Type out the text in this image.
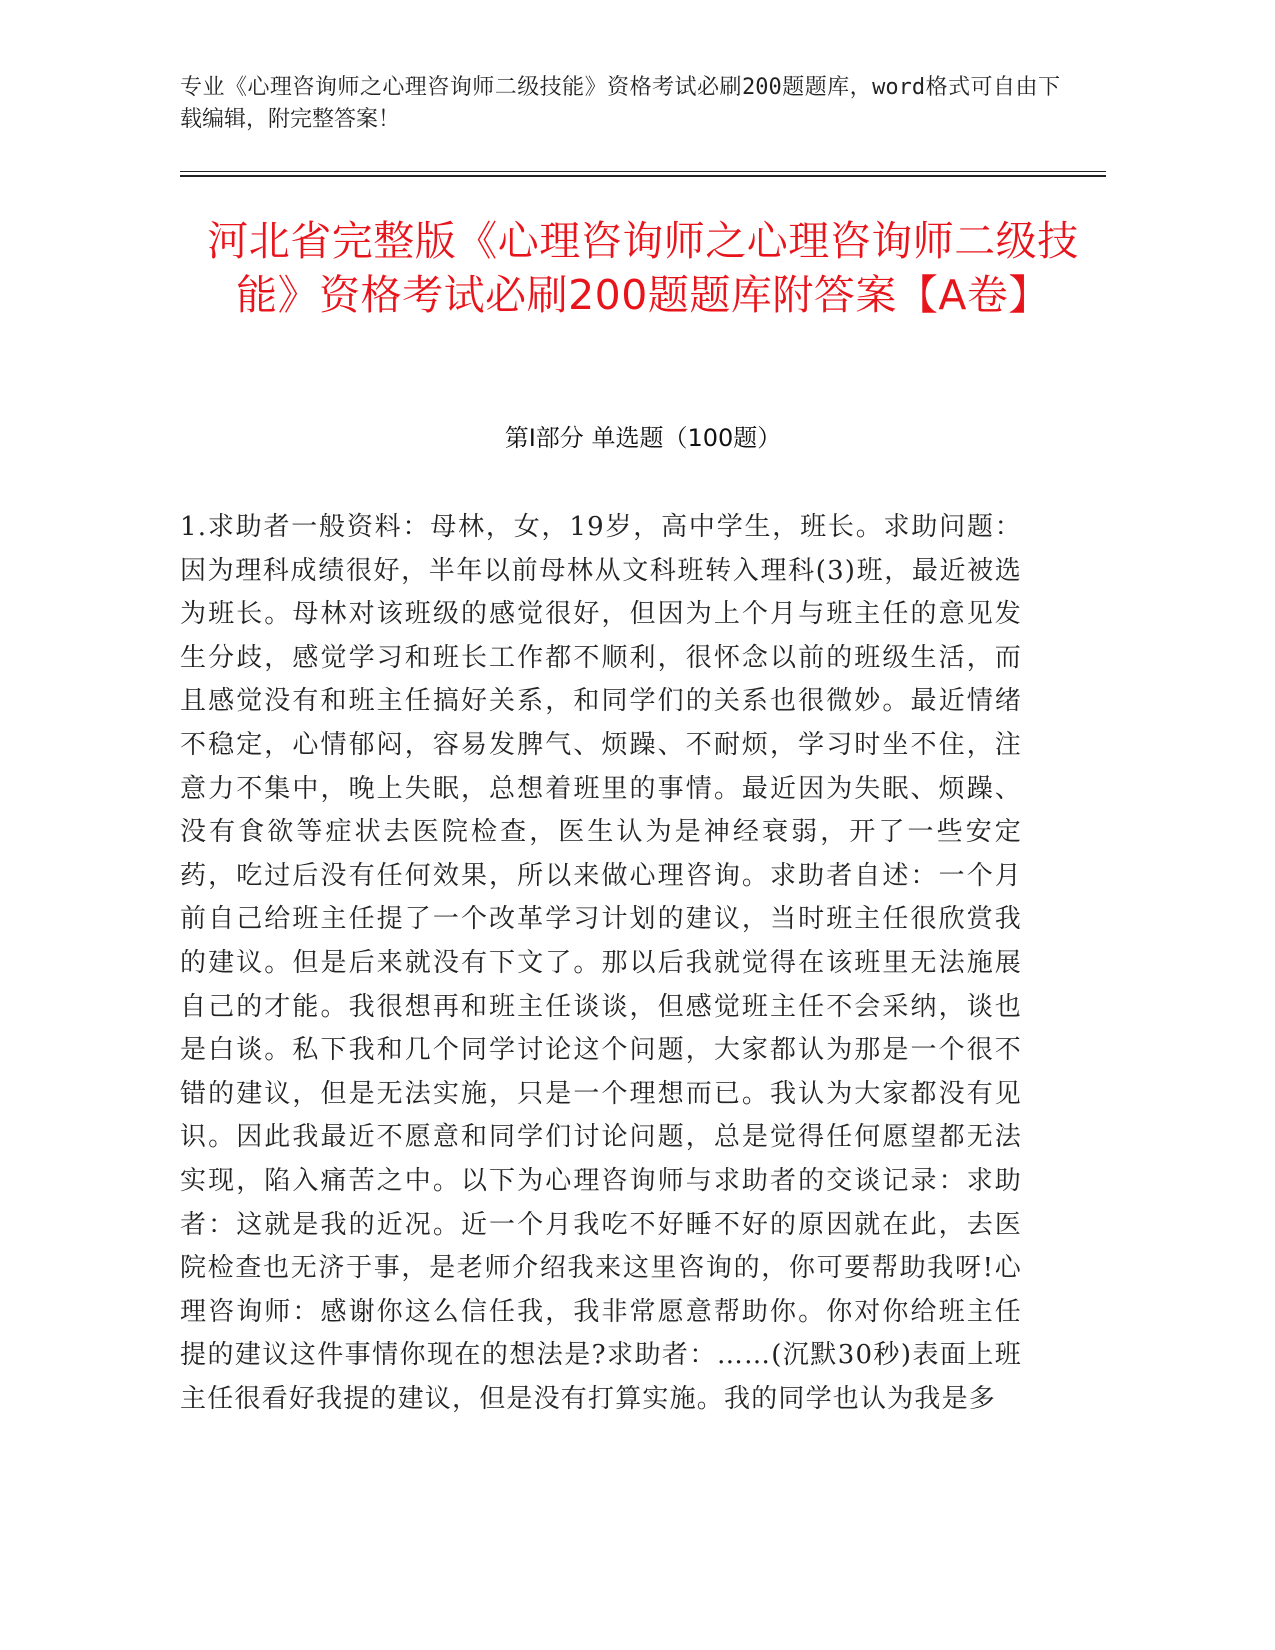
专业《心理咨询师之心理咨询师二级技能》资格考试必刷200题题库，word格式可自由下载编辑，附完整答案！
河北省完整版《心理咨询师之心理咨询师二级技能》资格考试必刷200题题库附答案【A卷】
第Ⅰ部分 单选题（100题）

1.求助者一般资料：母林，女，19岁，高中学生，班长。求助问题：因为理科成绩很好，半年以前母林从文科班转入理科(3)班，最近被选为班长。母林对该班级的感觉很好，但因为上个月与班主任的意见发生分歧，感觉学习和班长工作都不顺利，很怀念以前的班级生活，而且感觉没有和班主任搞好关系，和同学们的关系也很微妙。最近情绪不稳定，心情郁闷，容易发脾气、烦躁、不耐烦，学习时坐不住，注意力不集中，晚上失眠，总想着班里的事情。最近因为失眠、烦躁、没有食欲等症状去医院检查，医生认为是神经衰弱，开了一些安定药，吃过后没有任何效果，所以来做心理咨询。求助者自述：一个月前自己给班主任提了一个改革学习计划的建议，当时班主任很欣赏我的建议。但是后来就没有下文了。那以后我就觉得在该班里无法施展自己的才能。我很想再和班主任谈谈，但感觉班主任不会采纳，谈也是白谈。私下我和几个同学讨论这个问题，大家都认为那是一个很不错的建议，但是无法实施，只是一个理想而已。我认为大家都没有见识。因此我最近不愿意和同学们讨论问题，总是觉得任何愿望都无法实现，陷入痛苦之中。以下为心理咨询师与求助者的交谈记录：求助者：这就是我的近况。近一个月我吃不好睡不好的原因就在此，去医院检查也无济于事，是老师介绍我来这里咨询的，你可要帮助我呀!心理咨询师：感谢你这么信任我，我非常愿意帮助你。你对你给班主任提的建议这件事情你现在的想法是?求助者：……(沉默30秒)表面上班主任很看好我提的建议，但是没有打算实施。我的同学也认为我是多
